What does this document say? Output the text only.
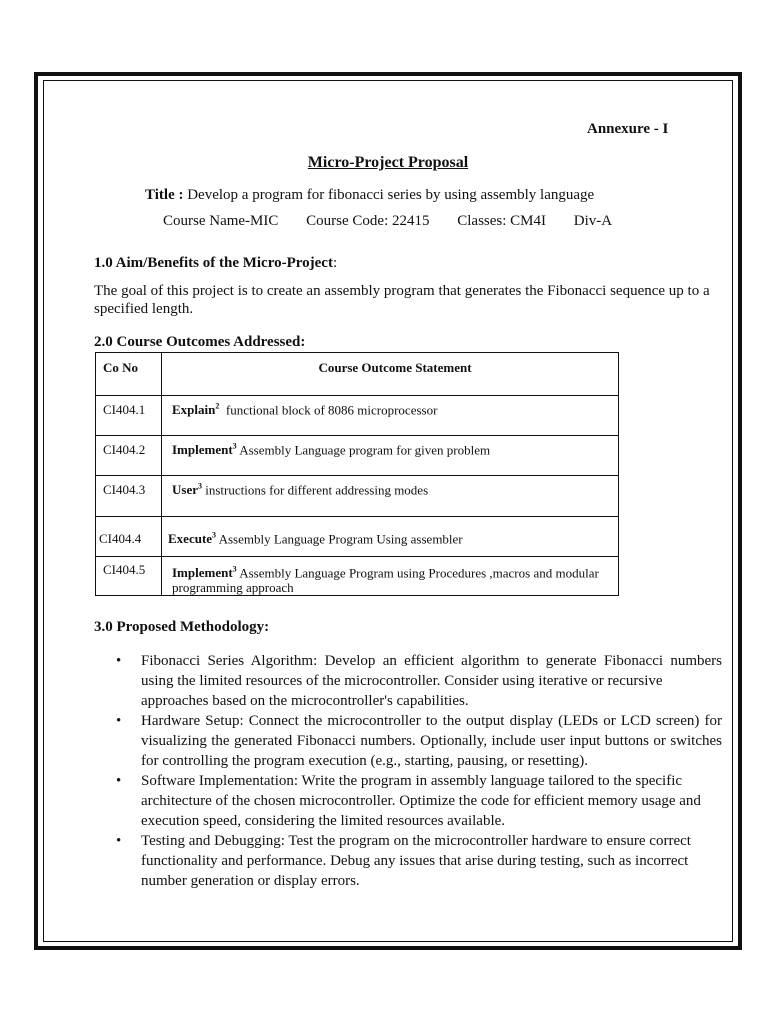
Annexure - I
Micro-Project Proposal
Title : Develop a program for fibonacci series by using assembly language
Course Name-MIC Course Code: 22415 Classes: CM4I Div-A
1.0 Aim/Benefits of the Micro-Project:
The goal of this project is to create an assembly program that generates the Fibonacci sequence up to a specified length.
2.0 Course Outcomes Addressed:
Co No	Course Outcome Statement
CI404.1	Explain$^2$  functional block of 8086 microprocessor
CI404.2	Implement$^3$ Assembly Language program for given problem
CI404.3	User$^3$ instructions for different addressing modes
CI404.4	Execute$^3$ Assembly Language Program Using assembler
CI404.5	Implement$^3$ Assembly Language Program using Procedures ,macros and modular programming approach
3.0 Proposed Methodology:
• Fibonacci Series Algorithm: Develop an efficient algorithm to generate Fibonacci numbers using the limited resources of the microcontroller. Consider using iterative or recursive
approaches based on the microcontroller's capabilities.
• Hardware Setup: Connect the microcontroller to the output display (LEDs or LCD screen) for visualizing the generated Fibonacci numbers. Optionally, include user input buttons or switches for controlling the program execution (e.g., starting, pausing, or resetting).
• Software Implementation: Write the program in assembly language tailored to the specific architecture of the chosen microcontroller. Optimize the code for efficient memory usage and execution speed, considering the limited resources available.
• Testing and Debugging: Test the program on the microcontroller hardware to ensure correct functionality and performance. Debug any issues that arise during testing, such as incorrect number generation or display errors.
